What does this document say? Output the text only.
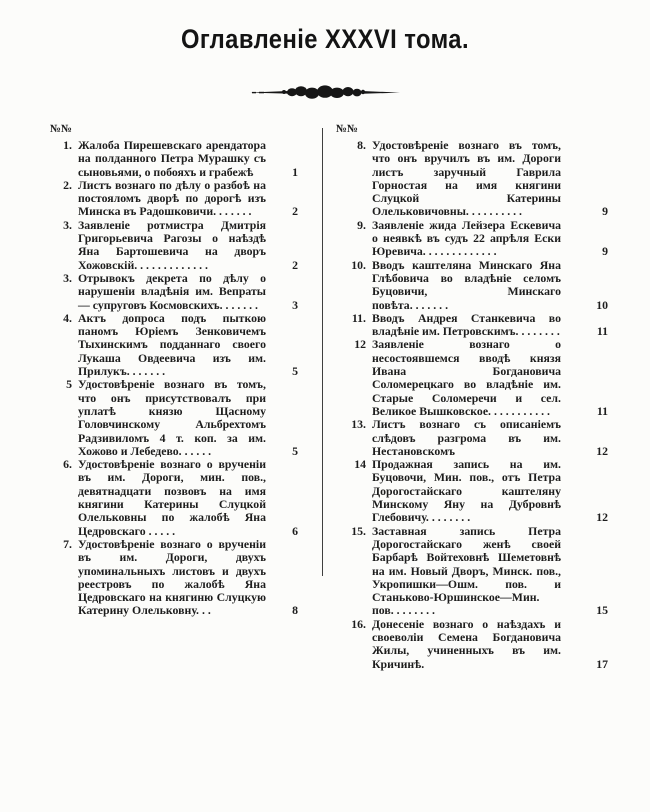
Оглавленіе XXXVI тома.
№№	№№
1. Жалоба Пирешевскаго арендатора на полданного Петра Мурашку съ сыновьями, о побояхъ и грабежѣ	1
2. Листъ вознаго по дѣлу о разбоѣ на постояломъ дворѣ по дорогѣ изъ Минска въ Радошковичи. . . . . . .	2
3. Заявленіе ротмистра Дмитрія Григорьевича Рагозы о наѣздѣ Яна Бартошевича на дворъ Хожовскій. . . . . . . . . . . . .	2
3. Отрывокъ декрета по дѣлу о нарушеніи владѣнія им. Вепраты — супруговъ Космовскихъ. . . . . . .	3
4. Актъ допроса подъ пыткою паномъ Юріемъ Зенковичемъ Тыхинскимъ подданнаго своего Лукаша Овдеевича изъ им. Прилукъ. . . . . . .	5
5 Удостовѣреніе вознаго въ томъ, что онъ присутствовалъ при уплатѣ князю Щасному Головчинскому Альбрехтомъ Радзивиломъ 4 т. коп. за им. Хожово и Лебедево. . . . . .	5
6. Удостовѣреніе вознаго о врученіи въ им. Дороги, мин. пов., девятнадцати позвовъ на имя княгини Катерины Слуцкой Олельковны по жалобѣ Яна Цедровскаго . . . . .	6
7. Удостовѣреніе вознаго о врученіи въ им. Дороги, двухъ упоминальныхъ листовъ и двухъ реестровъ по жалобѣ Яна Цедровскаго на княгиню Слуцкую Катерину Олельковну. . .	8
8. Удостовѣреніе вознаго въ томъ, что онъ вручилъ въ им. Дороги листъ заручный Гаврила Горностая на имя княгини Слуцкой Катерины Олельковичовны. . . . . . . . . .	9
9. Заявленіе жида Лейзера Ескевича о неявкѣ въ судъ 22 апрѣля Ески Юревича. . . . . . . . . . . . .	9
10. Вводъ каштеляна Минскаго Яна Глѣбовича во владѣніе селомъ Буцовичи, Минскаго повѣта. . . . . . .	10
11. Вводъ Андрея Станкевича во владѣніе им. Петровскимъ. . . . . . . .	11
12 Заявленіе вознаго о несостоявшемся вводѣ князя Ивана Богдановича Соломерецкаго во владѣніе им. Старые Соломеречи и сел. Великое Вышковское. . . . . . . . . . .	11
13. Листъ вознаго съ описаніемъ слѣдовъ разгрома въ им. Нестановскомъ	12
14 Продажная запись на им. Буцовочи, Мин. пов., отъ Петра Дорогостайскаго каштеляну Минскому Яну на Дубровнѣ Глебовичу. . . . . . . .	12
15. Заставная запись Петра Дорогостайскаго женѣ своей Барбарѣ Войтеховнѣ Шеметовнѣ на им. Новый Дворъ, Минск. пов., Укропишки—Ошм. пов. и Станьково-Юршинское—Мин. пов. . . . . . . .	15
16. Донесеніе вознаго о наѣздахъ и своеволіи Семена Богдановича Жилы, учиненныхъ въ им. Кричинѣ.	17
